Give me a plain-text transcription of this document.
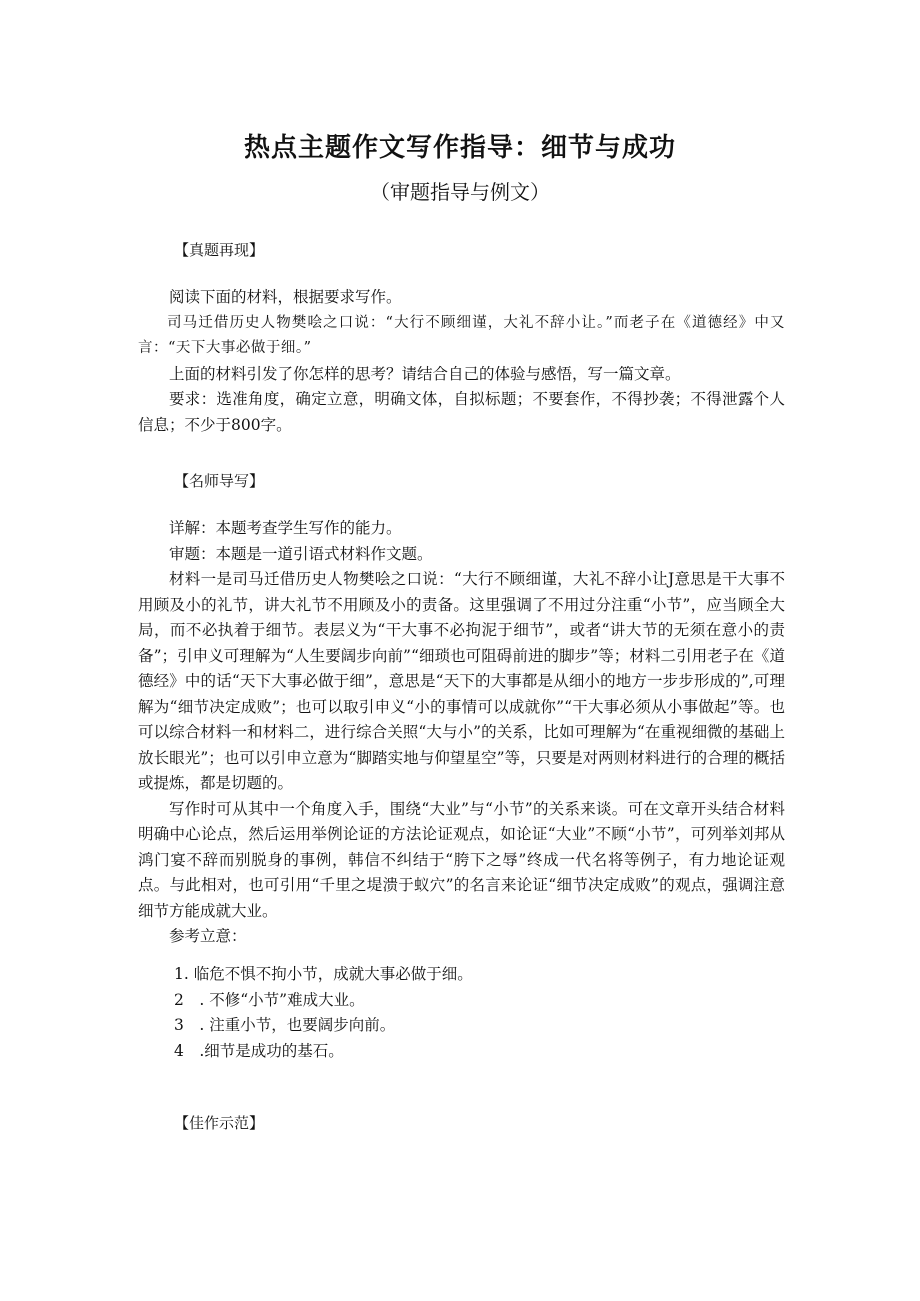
热点主题作文写作指导：细节与成功
（审题指导与例文）
【真题再现】

阅读下面的材料，根据要求写作。

司马迁借历史人物樊哙之口说：“大行不顾细谨，大礼不辞小让。”而老子在《道德经》中又言：“天下大事必做于细。”

上面的材料引发了你怎样的思考？请结合自己的体验与感悟，写一篇文章。

要求：选准角度，确定立意，明确文体，自拟标题；不要套作，不得抄袭；不得泄露个人信息；不少于800字。

【名师导写】

详解：本题考查学生写作的能力。

审题：本题是一道引语式材料作文题。

材料一是司马迁借历史人物樊哙之口说：“大行不顾细谨，大礼不辞小让J意思是干大事不用顾及小的礼节，讲大礼节不用顾及小的责备。这里强调了不用过分注重“小节”，应当顾全大局，而不必执着于细节。表层义为“干大事不必拘泥于细节”，或者“讲大节的无须在意小的责备”；引申义可理解为“人生要阔步向前”“细琐也可阻碍前进的脚步”等；材料二引用老子在《道德经》中的话“天下大事必做于细”，意思是“天下的大事都是从细小的地方一步步形成的”,可理解为“细节决定成败”；也可以取引申义“小的事情可以成就你”“干大事必须从小事做起”等。也可以综合材料一和材料二，进行综合关照“大与小”的关系，比如可理解为“在重视细微的基础上放长眼光”；也可以引申立意为“脚踏实地与仰望星空”等，只要是对两则材料进行的合理的概括或提炼，都是切题的。

写作时可从其中一个角度入手，围绕“大业”与“小节”的关系来谈。可在文章开头结合材料明确中心论点，然后运用举例论证的方法论证观点，如论证“大业”不顾“小节”，可列举刘邦从鸿门宴不辞而别脱身的事例，韩信不纠结于“胯下之辱”终成一代名将等例子，有力地论证观点。与此相对，也可引用“千里之堤溃于蚁穴”的名言来论证“细节决定成败”的观点，强调注意细节方能成就大业。

参考立意：

1. 临危不惧不拘小节，成就大事必做于细。

2　. 不修“小节”难成大业。

3　. 注重小节，也要阔步向前。

4　.细节是成功的基石。

【佳作示范】
